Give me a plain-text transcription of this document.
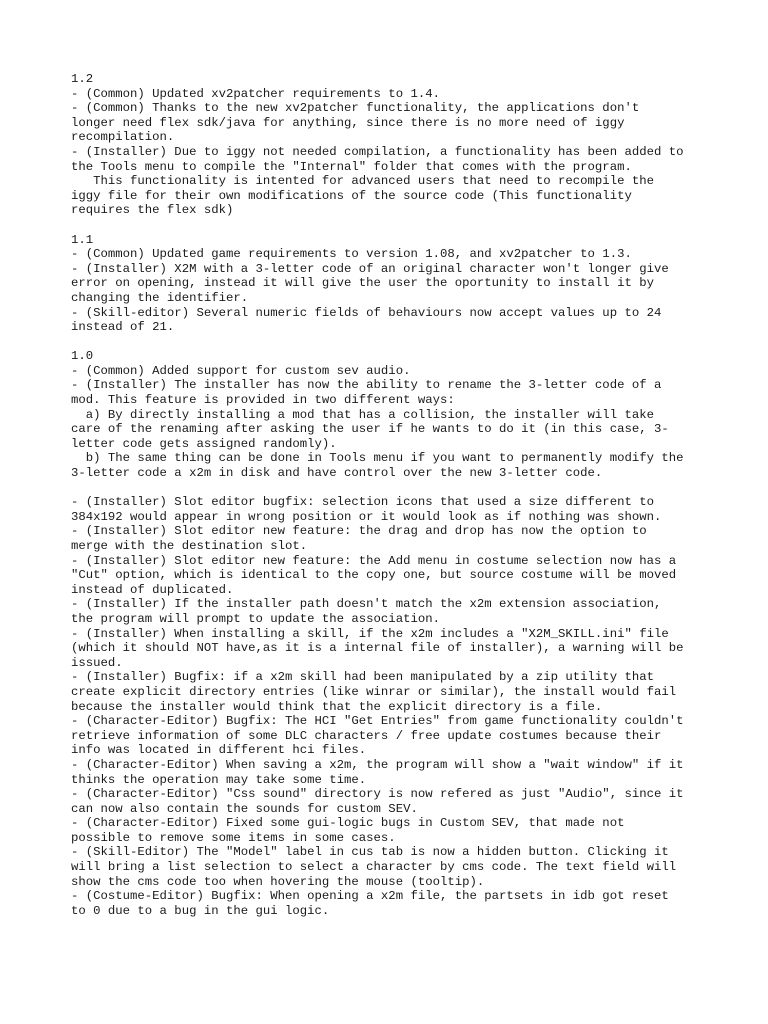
1.2
- (Common) Updated xv2patcher requirements to 1.4.
- (Common) Thanks to the new xv2patcher functionality, the applications don't
longer need flex sdk/java for anything, since there is no more need of iggy
recompilation.
- (Installer) Due to iggy not needed compilation, a functionality has been added to
the Tools menu to compile the "Internal" folder that comes with the program.
This functionality is intented for advanced users that need to recompile the
iggy file for their own modifications of the source code (This functionality
requires the flex sdk)
1.1
- (Common) Updated game requirements to version 1.08, and xv2patcher to 1.3.
- (Installer) X2M with a 3-letter code of an original character won't longer give
error on opening, instead it will give the user the oportunity to install it by
changing the identifier.
- (Skill-editor) Several numeric fields of behaviours now accept values up to 24
instead of 21.
1.0
- (Common) Added support for custom sev audio.
- (Installer) The installer has now the ability to rename the 3-letter code of a
mod. This feature is provided in two different ways:
a) By directly installing a mod that has a collision, the installer will take
care of the renaming after asking the user if he wants to do it (in this case, 3-
letter code gets assigned randomly).
b) The same thing can be done in Tools menu if you want to permanently modify the
3-letter code a x2m in disk and have control over the new 3-letter code.
- (Installer) Slot editor bugfix: selection icons that used a size different to
384x192 would appear in wrong position or it would look as if nothing was shown.
- (Installer) Slot editor new feature: the drag and drop has now the option to
merge with the destination slot.
- (Installer) Slot editor new feature: the Add menu in costume selection now has a
"Cut" option, which is identical to the copy one, but source costume will be moved
instead of duplicated.
- (Installer) If the installer path doesn't match the x2m extension association,
the program will prompt to update the association.
- (Installer) When installing a skill, if the x2m includes a "X2M_SKILL.ini" file
(which it should NOT have,as it is a internal file of installer), a warning will be
issued.
- (Installer) Bugfix: if a x2m skill had been manipulated by a zip utility that
create explicit directory entries (like winrar or similar), the install would fail
because the installer would think that the explicit directory is a file.
- (Character-Editor) Bugfix: The HCI "Get Entries" from game functionality couldn't
retrieve information of some DLC characters / free update costumes because their
info was located in different hci files.
- (Character-Editor) When saving a x2m, the program will show a "wait window" if it
thinks the operation may take some time.
- (Character-Editor) "Css sound" directory is now refered as just "Audio", since it
can now also contain the sounds for custom SEV.
- (Character-Editor) Fixed some gui-logic bugs in Custom SEV, that made not
possible to remove some items in some cases.
- (Skill-Editor) The "Model" label in cus tab is now a hidden button. Clicking it
will bring a list selection to select a character by cms code. The text field will
show the cms code too when hovering the mouse (tooltip).
- (Costume-Editor) Bugfix: When opening a x2m file, the partsets in idb got reset
to 0 due to a bug in the gui logic.
